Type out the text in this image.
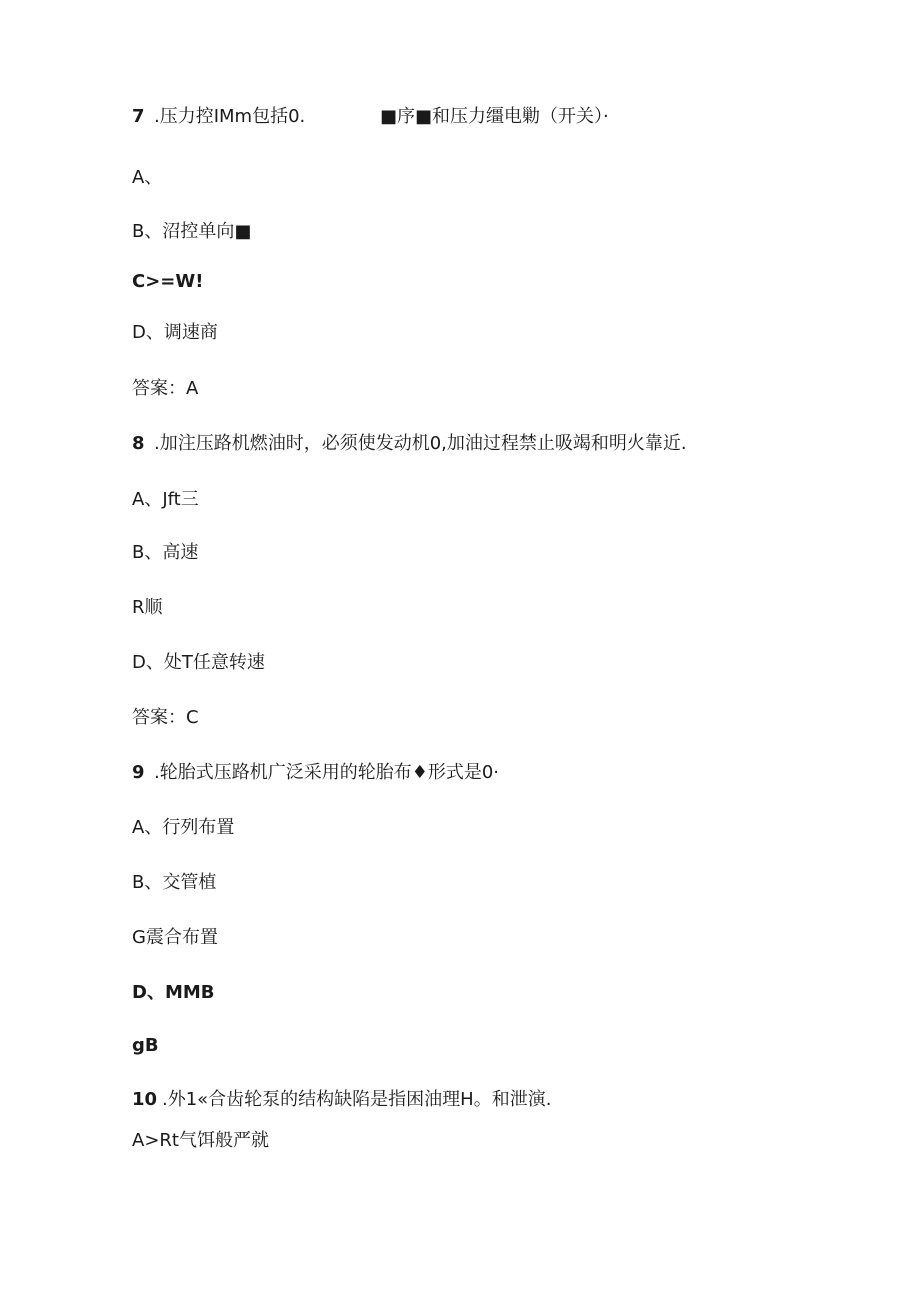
7 .压力控IMm包括0.	■序■和压力缰电勦（开关）·
A、
B、沼控单向■
C>=W!
D、调速商
答案：A
8 .加注压路机燃油时，必须使发动机0,加油过程禁止吸竭和明火靠近.
A、Jft三
B、高速
R顺
D、处T任意转速
答案：C
9 .轮胎式压路机广泛采用的轮胎布♦形式是0·
A、行列布置
B、交管植
G震合布置
D、MMB
gB
10 .外1«合齿轮泵的结构缺陷是指困油理H。和泄演.
A>Rt气饵般严就
